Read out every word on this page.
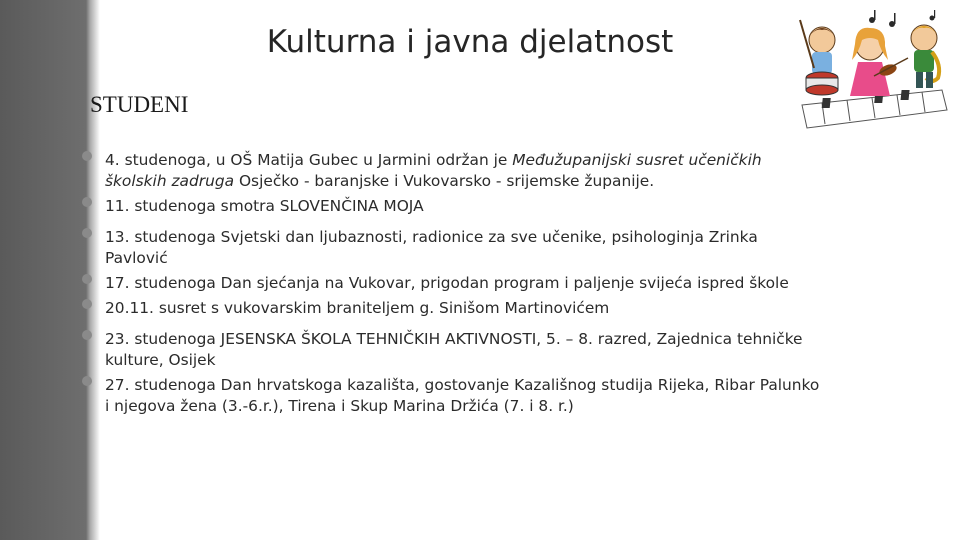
Kulturna i javna djelatnost
STUDENI
4. studenoga, u OŠ Matija Gubec u Jarmini održan je Međužupanijski susret učeničkih školskih zadruga Osječko - baranjske i Vukovarsko - srijemske županije.
11. studenoga smotra SLOVENČINA MOJA
13. studenoga Svjetski dan ljubaznosti, radionice za sve učenike, psihologinja Zrinka Pavlović
17. studenoga Dan sjećanja na Vukovar, prigodan program i paljenje svijeća ispred škole
20.11. susret s vukovarskim braniteljem g. Sinišom Martinovićem
23. studenoga JESENSKA ŠKOLA TEHNIČKIH AKTIVNOSTI, 5. – 8. razred, Zajednica tehničke kulture, Osijek
27. studenoga Dan hrvatskoga kazališta, gostovanje Kazališnog studija Rijeka, Ribar Palunko i njegova žena (3.-6.r.), Tirena i Skup Marina Držića (7. i 8. r.)
